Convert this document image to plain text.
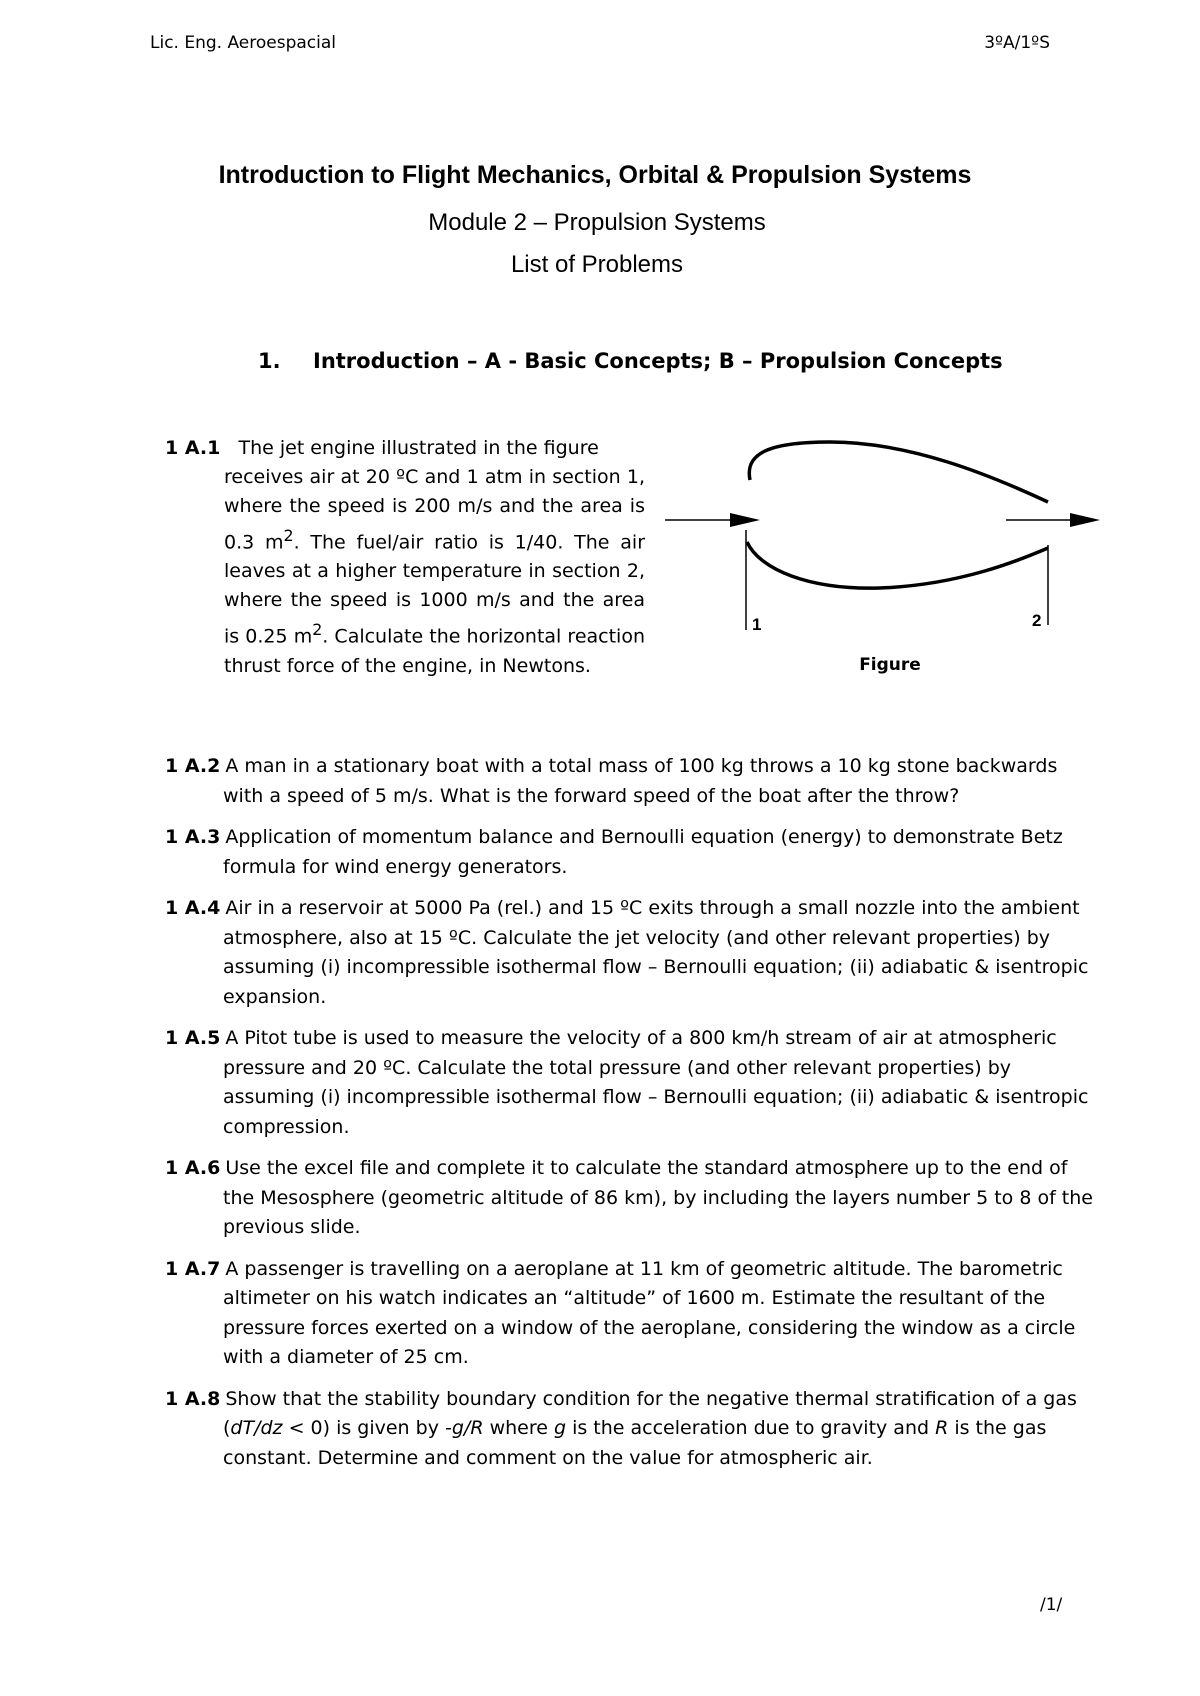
Lic. Eng. Aeroespacial	3ºA/1ºS
Introduction to Flight Mechanics, Orbital & Propulsion Systems

Module 2 – Propulsion Systems

List of Problems

1. Introduction – A - Basic Concepts; B – Propulsion Concepts
1 A.1 The jet engine illustrated in the figure
receives air at 20 ºC and 1 atm in section 1, where the speed is 200 m/s and the area is 0.3 $m^2$. The fuel/air ratio is 1/40. The air leaves at a higher temperature in section 2, where the speed is 1000 m/s and the area is 0.25 $m^2$. Calculate the horizontal reaction thrust force of the engine, in Newtons.
1	2
Figure

1 A.2 A man in a stationary boat with a total mass of 100 kg throws a 10 kg stone backwards with a speed of 5 m/s. What is the forward speed of the boat after the throw?

1 A.3 Application of momentum balance and Bernoulli equation (energy) to demonstrate Betz formula for wind energy generators.

1 A.4 Air in a reservoir at 5000 Pa (rel.) and 15 ºC exits through a small nozzle into the ambient atmosphere, also at 15 ºC. Calculate the jet velocity (and other relevant properties) by assuming (i) incompressible isothermal flow – Bernoulli equation; (ii) adiabatic & isentropic expansion.

1 A.5 A Pitot tube is used to measure the velocity of a 800 km/h stream of air at atmospheric pressure and 20 ºC. Calculate the total pressure (and other relevant properties) by assuming (i) incompressible isothermal flow – Bernoulli equation; (ii) adiabatic & isentropic compression.

1 A.6 Use the excel file and complete it to calculate the standard atmosphere up to the end of the Mesosphere (geometric altitude of 86 km), by including the layers number 5 to 8 of the previous slide.

1 A.7 A passenger is travelling on a aeroplane at 11 km of geometric altitude. The barometric altimeter on his watch indicates an “altitude” of 1600 m. Estimate the resultant of the pressure forces exerted on a window of the aeroplane, considering the window as a circle with a diameter of 25 cm.

1 A.8 Show that the stability boundary condition for the negative thermal stratification of a gas (dT/dz < 0) is given by -g/R where g is the acceleration due to gravity and R is the gas constant. Determine and comment on the value for atmospheric air.

/1/
